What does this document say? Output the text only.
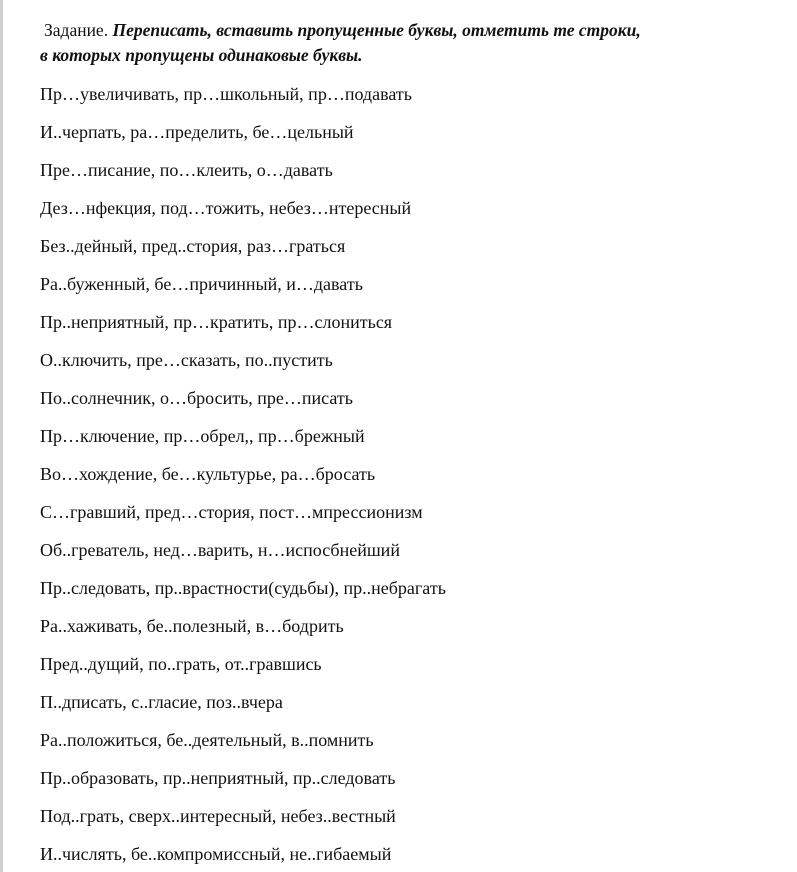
Задание. Переписать, вставить пропущенные буквы, отметить те строки,
в которых пропущены одинаковые буквы.
Пр…увеличивать, пр…школьный, пр…подавать
И..черпать, ра…пределить, бе…цельный
Пре…писание, по…клеить, о…давать
Дез…нфекция, под…тожить, небез…нтересный
Без..дейный, пред..стория, раз…граться
Ра..буженный, бе…причинный, и…давать
Пр..неприятный, пр…кратить, пр…слониться
О..ключить, пре…сказать, по..пустить
По..солнечник, о…бросить, пре…писать
Пр…ключение, пр…обрел,, пр…брежный
Во…хождение, бе…культурье, ра…бросать
С…гравший, пред…стория, пост…мпрессионизм
Об..греватель, нед…варить, н…испосбнейший
Пр..следовать, пр..врастности(судьбы), пр..небрагать
Ра..хаживать, бе..полезный, в…бодрить
Пред..дущий, по..грать, от..гравшись
П..дписать, с..гласие, поз..вчера
Ра..положиться, бе..деятельный, в..помнить
Пр..образовать, пр..неприятный, пр..следовать
Под..грать, сверх..интересный, небез..вестный
И..числять, бе..компромиссный, не..гибаемый
